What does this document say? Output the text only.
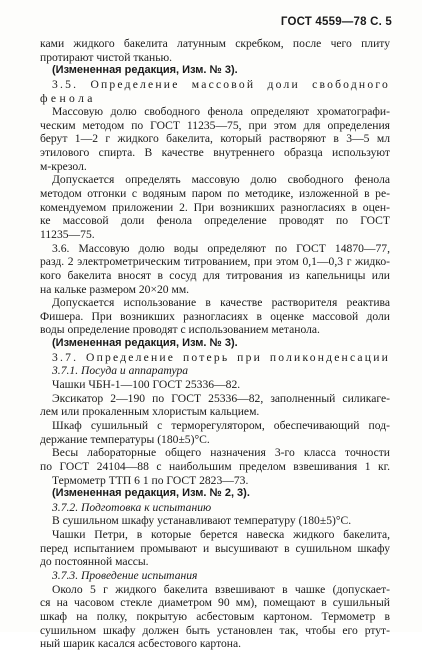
ГОСТ 4559—78 С. 5
ками жидкого бакелита латунным скребком, после чего плиту
протирают чистой тканью.
(Измененная редакция, Изм. № 3).
3.5. Определение массовой доли свободного
фенола
Массовую долю свободного фенола определяют хроматографи-
ческим методом по ГОСТ 11235—75, при этом для определения
берут 1—2 г жидкого бакелита, который растворяют в 3—5 мл
этилового спирта. В качестве внутреннего образца используют
м-крезол.
Допускается определять массовую долю свободного фенола
методом отгонки с водяным паром по методике, изложенной в ре-
комендуемом приложении 2. При возникших разногласиях в оцен-
ке массовой доли фенола определение проводят по ГОСТ
11235—75.
3.6. Массовую долю воды определяют по ГОСТ 14870—77,
разд. 2 электрометрическим титрованием, при этом 0,1—0,3 г жидко-
кого бакелита вносят в сосуд для титрования из капельницы или
на кальке размером 20×20 мм.
Допускается использование в качестве растворителя реактива
Фишера. При возникших разногласиях в оценке массовой доли
воды определение проводят с использованием метанола.
(Измененная редакция, Изм. № 3).
3.7. Определение потерь при поликонденсации
3.7.1. Посуда и аппаратура
Чашки ЧБН-1—100 ГОСТ 25336—82.
Эксикатор 2—190 по ГОСТ 25336—82, заполненный силикаге-
лем или прокаленным хлористым кальцием.
Шкаф сушильный с терморегулятором, обеспечивающий под-
держание температуры (180±5)°С.
Весы лабораторные общего назначения 3-го класса точности
по ГОСТ 24104—88 с наибольшим пределом взвешивания 1 кг.
Термометр ТТП 6 1 по ГОСТ 2823—73.
(Измененная редакция, Изм. № 2, 3).
3.7.2. Подготовка к испытанию
В сушильном шкафу устанавливают температуру (180±5)°С.
Чашки Петри, в которые берется навеска жидкого бакелита,
перед испытанием промывают и высушивают в сушильном шкафу
до постоянной массы.
3.7.3. Проведение испытания
Около 5 г жидкого бакелита взвешивают в чашке (допускает-
ся на часовом стекле диаметром 90 мм), помещают в сушильный
шкаф на полку, покрытую асбестовым картоном. Термометр в
сушильном шкафу должен быть установлен так, чтобы его ртут-
ный шарик касался асбестового картона.
